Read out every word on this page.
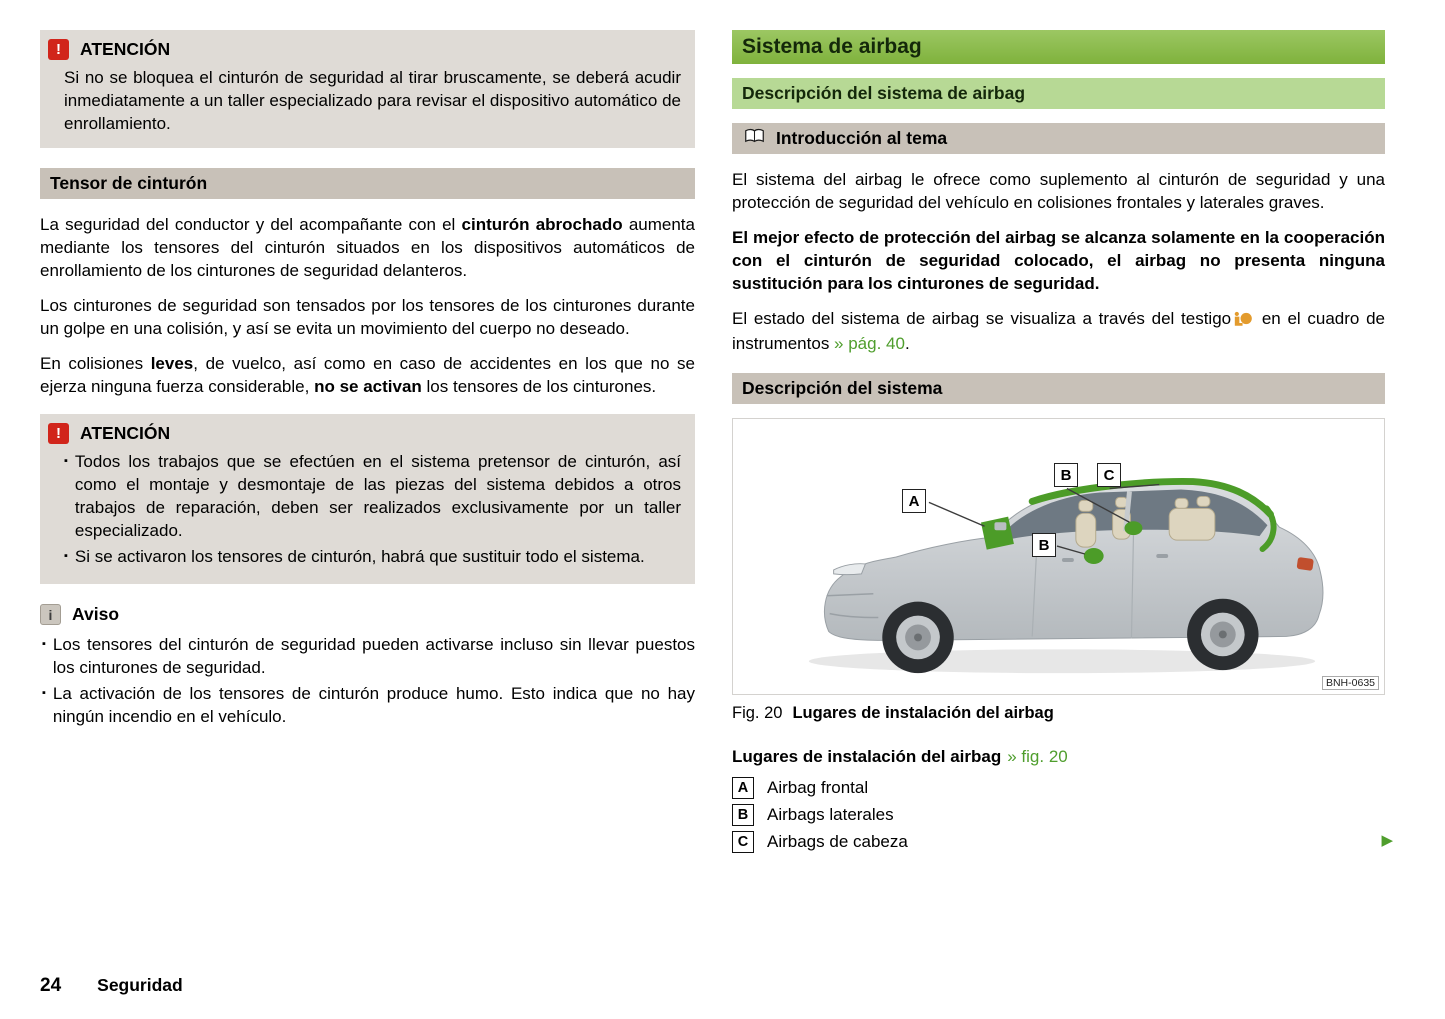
!	ATENCIÓN

Si no se bloquea el cinturón de seguridad al tirar bruscamente, se deberá acudir inmediatamente a un taller especializado para revisar el dispositivo automático de enrollamiento.

Tensor de cinturón

La seguridad del conductor y del acompañante con el cinturón abrochado aumenta mediante los tensores del cinturón situados en los dispositivos automáticos de enrollamiento de los cinturones de seguridad delanteros.

Los cinturones de seguridad son tensados por los tensores de los cinturones durante un golpe en una colisión, y así se evita un movimiento del cuerpo no deseado.

En colisiones leves, de vuelco, así como en caso de accidentes en los que no se ejerza ninguna fuerza considerable, no se activan los tensores de los cinturones.

!	ATENCIÓN
▪ Todos los trabajos que se efectúen en el sistema pretensor de cinturón, así como el montaje y desmontaje de las piezas del sistema debidos a otros trabajos de reparación, deben ser realizados exclusivamente por un taller especializado.
▪ Si se activaron los tensores de cinturón, habrá que sustituir todo el sistema.
i	Aviso
▪ Los tensores del cinturón de seguridad pueden activarse incluso sin llevar puestos los cinturones de seguridad.
▪ La activación de los tensores de cinturón produce humo. Esto indica que no hay ningún incendio en el vehículo.
Sistema de airbag
Descripción del sistema de airbag
Introducción al tema

El sistema del airbag le ofrece como suplemento al cinturón de seguridad y una protección de seguridad del vehículo en colisiones frontales y laterales graves.

El mejor efecto de protección del airbag se alcanza solamente en la cooperación con el cinturón de seguridad colocado, el airbag no presenta ninguna sustitución para los cinturones de seguridad.

El estado del sistema de airbag se visualiza a través del testigo en el cuadro de instrumentos » pág. 40.

Descripción del sistema
A
B	C
B
BNH-0635
Fig. 20 Lugares de instalación del airbag

Lugares de instalación del airbag » fig. 20

A	Airbag frontal
B	Airbags laterales
C	Airbags de cabeza	▶
24 Seguridad
